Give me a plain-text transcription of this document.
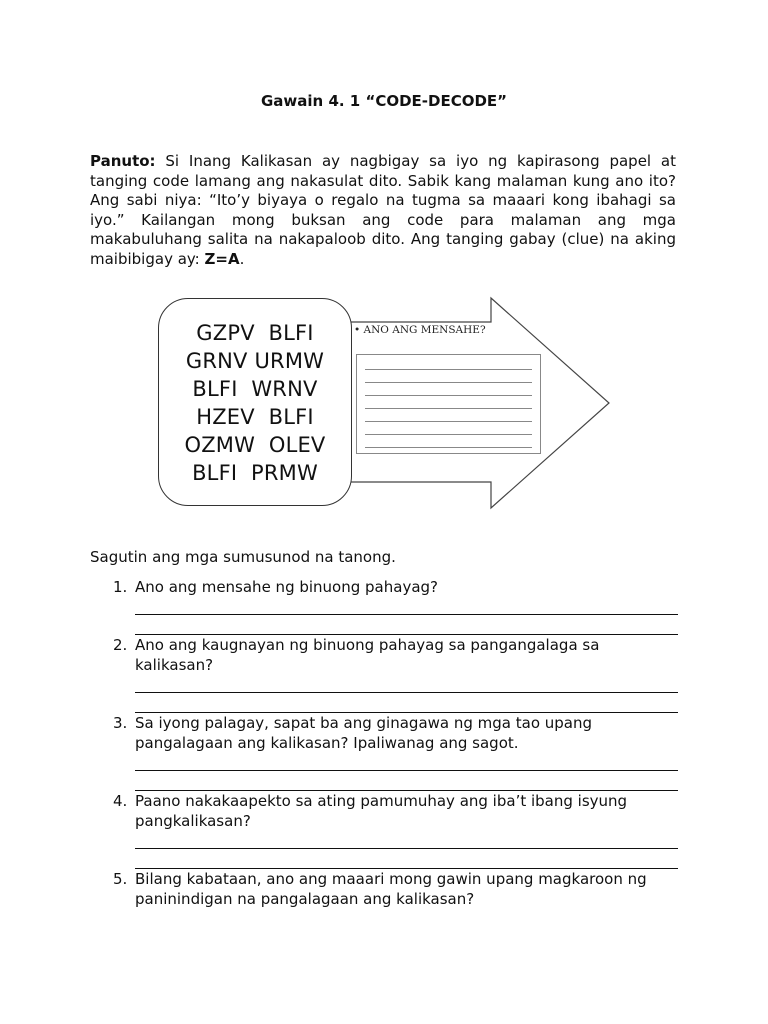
Gawain 4. 1 “CODE-DECODE”
Panuto: Si Inang Kalikasan ay nagbigay sa iyo ng kapirasong papel at tanging code lamang ang nakasulat dito. Sabik kang malaman kung ano ito? Ang sabi niya: “Ito’y biyaya o regalo na tugma sa maaari kong ibahagi sa iyo.” Kailangan mong buksan ang code para malaman ang mga makabuluhang salita na nakapaloob dito. Ang tanging gabay (clue) na aking maibibigay ay: Z=A.
GZPV  BLFI
GRNV URMW
BLFI  WRNV
HZEV  BLFI
OZMW  OLEV
BLFI  PRMW
• ANO ANG MENSAHE?
Sagutin ang mga sumusunod na tanong.
1. Ano ang mensahe ng binuong pahayag?
2. Ano ang kaugnayan ng binuong pahayag sa pangangalaga sa kalikasan?
3. Sa iyong palagay, sapat ba ang ginagawa ng mga tao upang pangalagaan ang kalikasan? Ipaliwanag ang sagot.
4. Paano nakakaapekto sa ating pamumuhay ang iba’t ibang isyung pangkalikasan?
5. Bilang kabataan, ano ang maaari mong gawin upang magkaroon ng paninindigan na pangalagaan ang kalikasan?
